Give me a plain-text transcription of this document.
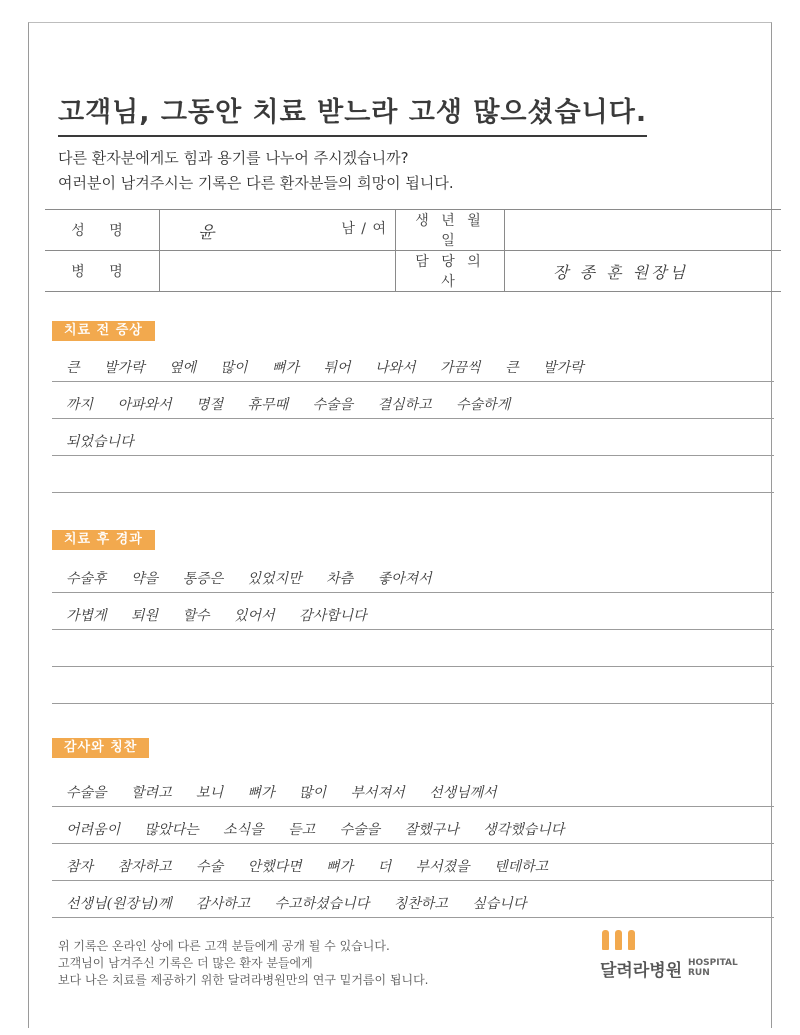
고객님, 그동안 치료 받느라 고생 많으셨습니다.
다른 환자분에게도 힘과 용기를 나누어 주시겠습니까?
여러분이 남겨주시는 기록은 다른 환자분들의 희망이 됩니다.
성 명	윤 남 / 여	생 년 월 일	
병 명		담 당 의 사	장 종 훈 원장님
치료 전 증상
큰 발가락 옆에 많이 뼈가 튀어 나와서 가끔씩 큰 발가락
까지 아파와서 명절 휴무때 수술을 결심하고 수술하게
되었습니다
치료 후 경과
수술후 약을 통증은 있었지만 차츰 좋아져서
가볍게 퇴원 할수 있어서 감사합니다
감사와 칭찬
수술을 할려고 보니 뼈가 많이 부서져서 선생님께서
어려움이 많았다는 소식을 듣고 수술을 잘했구나 생각했습니다
참자 참자하고 수술 안했다면 뼈가 더 부서졌을 텐데하고
선생님(원장님)께 감사하고 수고하셨습니다 칭찬하고 싶습니다
위 기록은 온라인 상에 다른 고객 분들에게 공개 될 수 있습니다.
고객님이 남겨주신 기록은 더 많은 환자 분들에게
보다 나은 치료를 제공하기 위한 달려라병원만의 연구 밑거름이 됩니다.	달려라병원 HOSPITAL
RUN
